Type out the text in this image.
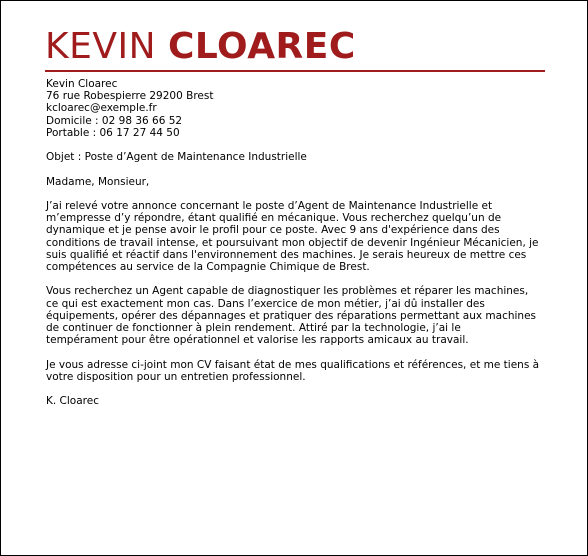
KEVIN CLOAREC
Kevin Cloarec
76 rue Robespierre 29200 Brest
kcloarec@exemple.fr
Domicile : 02 98 36 66 52
Portable : 06 17 27 44 50
Objet : Poste d’Agent de Maintenance Industrielle
Madame, Monsieur,
J’ai relevé votre annonce concernant le poste d’Agent de Maintenance Industrielle et
m’empresse d’y répondre, étant qualifié en mécanique. Vous recherchez quelqu’un de
dynamique et je pense avoir le profil pour ce poste. Avec 9 ans d'expérience dans des
conditions de travail intense, et poursuivant mon objectif de devenir Ingénieur Mécanicien, je
suis qualifié et réactif dans l'environnement des machines. Je serais heureux de mettre ces
compétences au service de la Compagnie Chimique de Brest.
Vous recherchez un Agent capable de diagnostiquer les problèmes et réparer les machines,
ce qui est exactement mon cas. Dans l’exercice de mon métier, j’ai dû installer des
équipements, opérer des dépannages et pratiquer des réparations permettant aux machines
de continuer de fonctionner à plein rendement. Attiré par la technologie, j’ai le
tempérament pour être opérationnel et valorise les rapports amicaux au travail.
Je vous adresse ci-joint mon CV faisant état de mes qualifications et références, et me tiens à
votre disposition pour un entretien professionnel.
K. Cloarec
